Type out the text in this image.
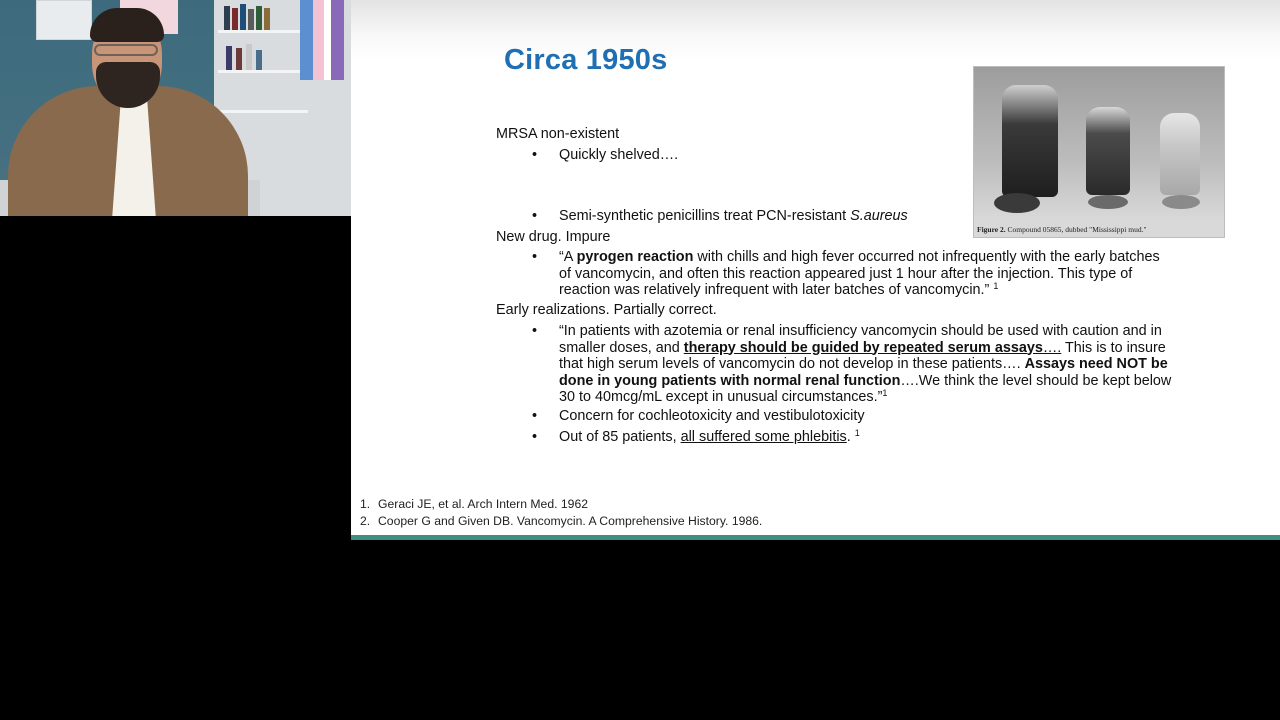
Circa 1950s
Figure 2. Compound 05865, dubbed "Mississippi mud."
MRSA non-existent
• Quickly shelved….
• Semi-synthetic penicillins treat PCN-resistant S.aureus
New drug. Impure
• “A pyrogen reaction with chills and high fever occurred not infrequently with the early batches of vancomycin, and often this reaction appeared just 1 hour after the injection. This type of reaction was relatively infrequent with later batches of vancomycin.” $^1$
Early realizations. Partially correct.
• “In patients with azotemia or renal insufficiency vancomycin should be used with caution and in smaller doses, and therapy should be guided by repeated serum assays…. This is to insure that high serum levels of vancomycin do not develop in these patients…. Assays need NOT be done in young patients with normal renal function….We think the level should be kept below 30 to 40mcg/mL except in unusual circumstances.”$^1$
• Concern for cochleotoxicity and vestibulotoxicity
• Out of 85 patients, all suffered some phlebitis. $^1$
1. Geraci JE, et al. Arch Intern Med. 1962
2. Cooper G and Given DB. Vancomycin. A Comprehensive History. 1986.
